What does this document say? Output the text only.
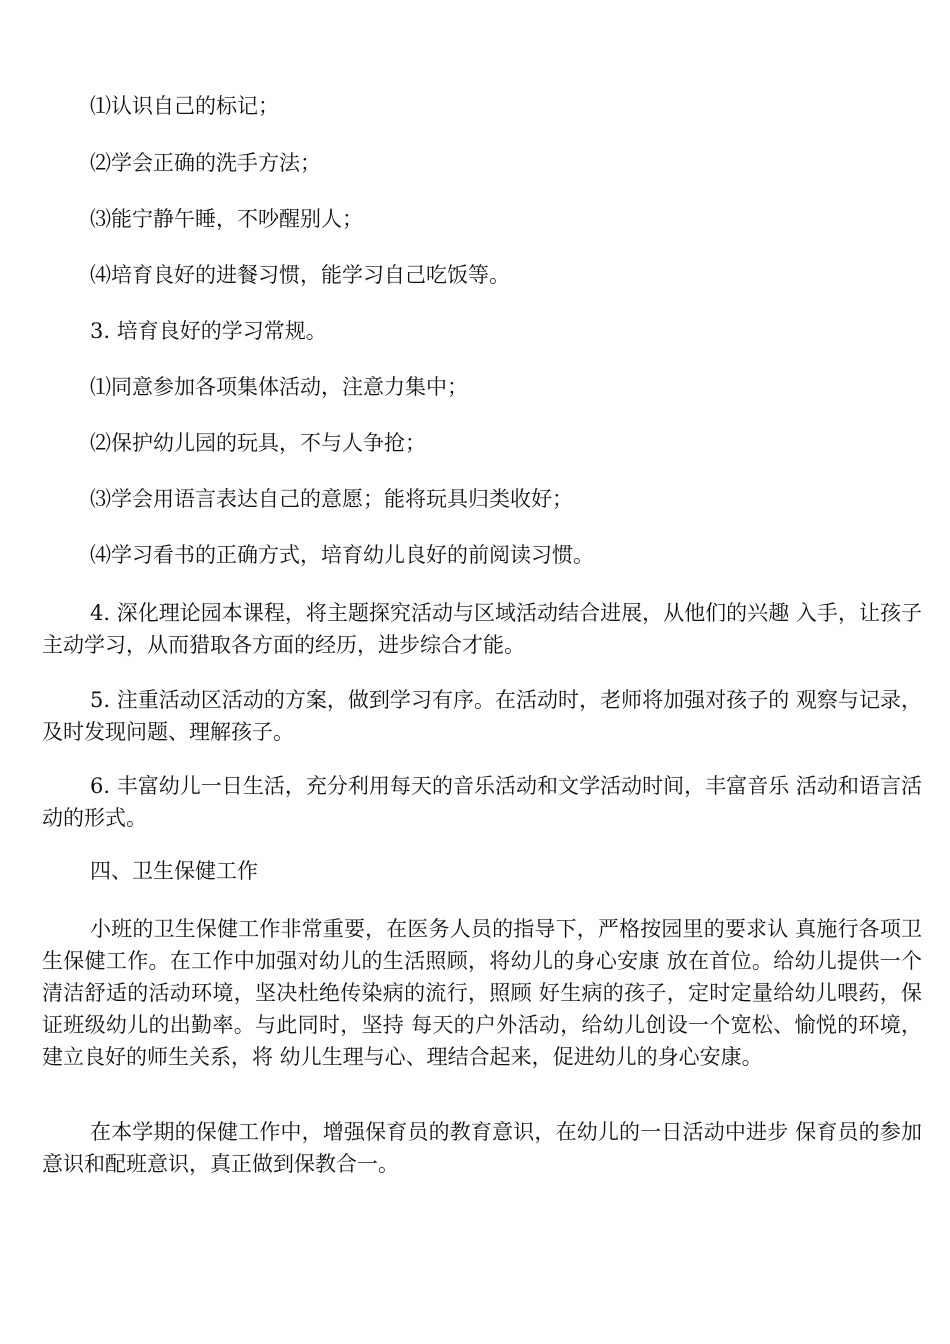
⑴认识自己的标记；

⑵学会正确的洗手方法；

⑶能宁静午睡，不吵醒别人；

⑷培育良好的进餐习惯，能学习自己吃饭等。

3. 培育良好的学习常规。

⑴同意参加各项集体活动，注意力集中；

⑵保护幼儿园的玩具，不与人争抢；

⑶学会用语言表达自己的意愿；能将玩具归类收好；

⑷学习看书的正确方式，培育幼儿良好的前阅读习惯。

4. 深化理论园本课程，将主题探究活动与区域活动结合进展，从他们的兴趣 入手，让孩子主动学习，从而猎取各方面的经历，进步综合才能。

5. 注重活动区活动的方案，做到学习有序。在活动时，老师将加强对孩子的 观察与记录，及时发现问题、理解孩子。

6. 丰富幼儿一日生活，充分利用每天的音乐活动和文学活动时间，丰富音乐 活动和语言活动的形式。

四、卫生保健工作

小班的卫生保健工作非常重要，在医务人员的指导下，严格按园里的要求认 真施行各项卫生保健工作。在工作中加强对幼儿的生活照顾，将幼儿的身心安康 放在首位。给幼儿提供一个清洁舒适的活动环境，坚决杜绝传染病的流行，照顾 好生病的孩子，定时定量给幼儿喂药，保证班级幼儿的出勤率。与此同时，坚持 每天的户外活动，给幼儿创设一个宽松、愉悦的环境，建立良好的师生关系，将 幼儿生理与心、理结合起来，促进幼儿的身心安康。

在本学期的保健工作中，增强保育员的教育意识，在幼儿的一日活动中进步 保育员的参加意识和配班意识，真正做到保教合一。
